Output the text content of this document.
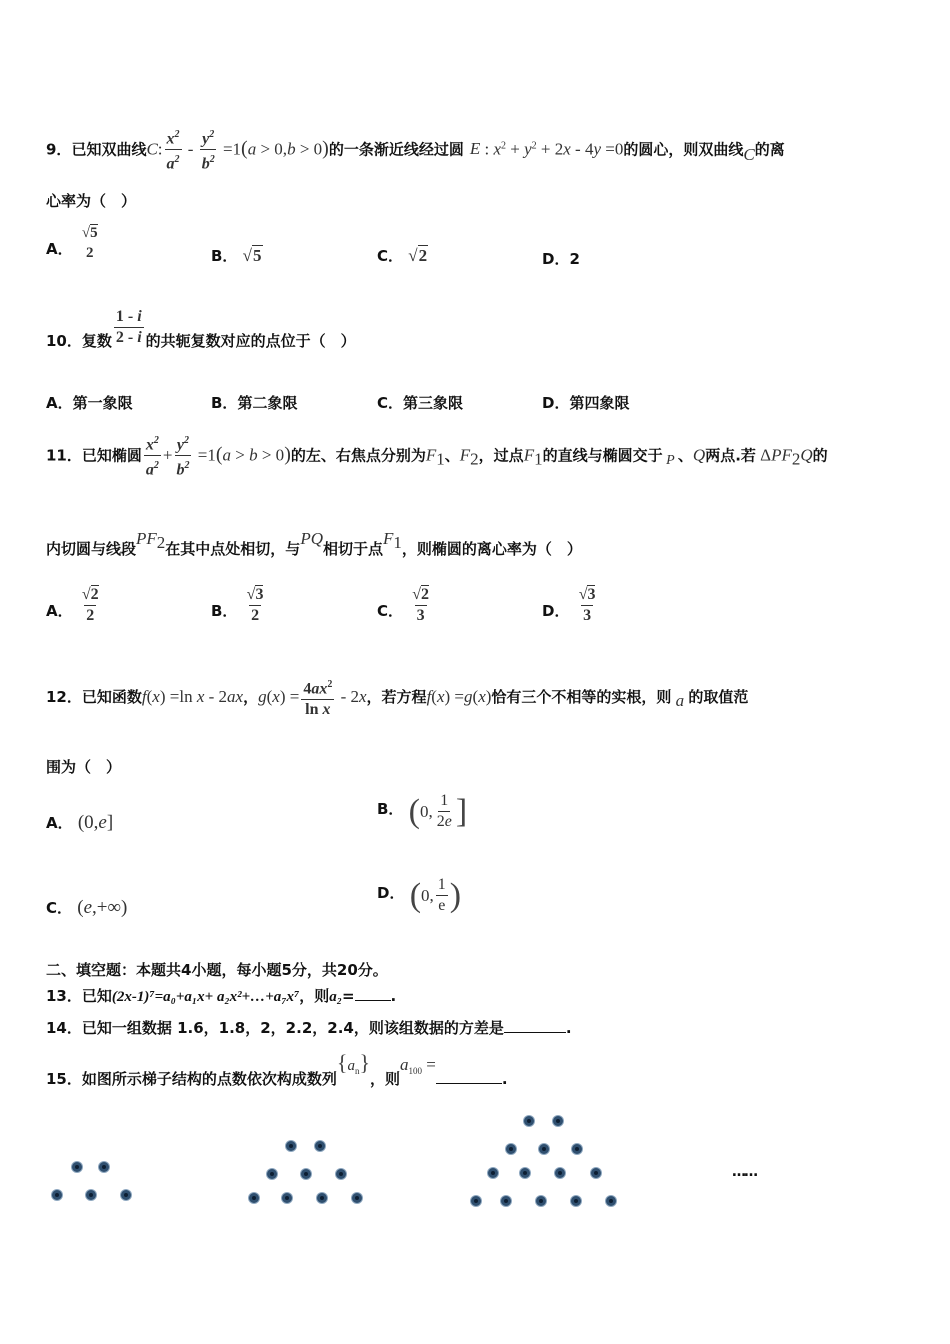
9．已知双曲线C: $\frac{x^2}{a^2} - \frac{y^2}{b^2} =1(a > 0,b > 0)$的一条渐近线经过圆 E : $x^2 + y^2 + 2x - 4y =0$的圆心，则双曲线C的离
心率为（　）
A．
√5
2	B． √5	C． √2	D．2
10．复数 $\frac{1 - i}{2 - i}$ 的共轭复数对应的点位于（　）
A．第一象限	B．第二象限	C．第三象限	D．第四象限
11．已知椭圆 $\frac{x^2}{a^2} + \frac{y^2}{b^2} =1(a > b > 0)$的左、右焦点分别为$F_1$、$F_2$，过点$F_1$的直线与椭圆交于 P 、Q两点.若 $\Delta PF_2Q$的
内切圆与线段$PF_2$在其中点处相切，与PQ相切于点$F_1$，则椭圆的离心率为（　）
A． $\frac{√2}{2}$	B． $\frac{√3}{2}$	C． $\frac{√2}{3}$	D． $\frac{√3}{3}$
12．已知函数f(x) =ln x - 2ax，$g(x) = \frac{4ax^2}{\text{ln x}} - 2x$，若方程f(x) =g(x)恰有三个不相等的实根，则 a 的取值范
围为（　）
A． (0,e]
B． ( 0, $\frac{1}{2e}$ ]
C． (e,+∞)
D． ( 0, $\frac{1}{e}$ )
二、填空题：本题共4小题，每小题5分，共20分。
13．已知(2x-1)⁷=a₀+a₁x+ a₂x²+…+a₇x⁷，则a₂= .
14．已知一组数据 1.6，1.8，2，2.2，2.4，则该组数据的方差是	.
15．如图所示梯子结构的点数依次构成数列$\{a_n\}$，则$a_{100}$ =.
……
